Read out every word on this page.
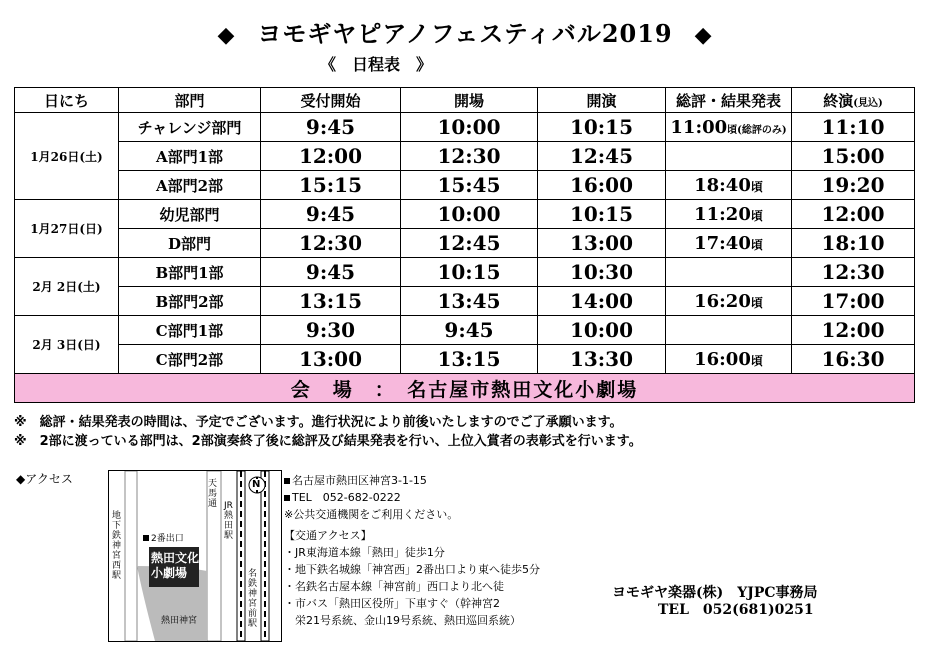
◆ ヨモギヤピアノフェスティバル2019 ◆
《　日程表　》
日にち	部門	受付開始	開場	開演	総評・結果発表	終演(見込)
1月26日(土)	チャレンジ部門	9:45	10:00	10:15	11:00頃(総評のみ)	11:10
	A部門1部	12:00	12:30	12:45		15:00
	A部門2部	15:15	15:45	16:00	18:40頃	19:20
1月27日(日)	幼児部門	9:45	10:00	10:15	11:20頃	12:00
	D部門	12:30	12:45	13:00	17:40頃	18:10
2月 2日(土)	B部門1部	9:45	10:15	10:30		12:30
	B部門2部	13:15	13:45	14:00	16:20頃	17:00
2月 3日(日)	C部門1部	9:30	9:45	10:00		12:00
	C部門2部	13:00	13:15	13:30	16:00頃	16:30
会　場　：　名古屋市熱田文化小劇場						
※　総評・結果発表の時間は、予定でございます。進行状況により前後いたしますのでご了承願います。
※　2部に渡っている部門は、2部演奏終了後に総評及び結果発表を行い、上位入賞者の表彰式を行います。
◆アクセス
地下鉄神宮西駅
天馬通
2番出口
熱田文化
小劇場
JR熱田駅
名鉄神宮前駅
熱田神宮
N	名古屋市熱田区神宮3-1-15
TEL　052-682-0222
※公共交通機関をご利用ください。
【交通アクセス】
・JR東海道本線「熱田」徒歩1分
・地下鉄名城線「神宮西」2番出口より東へ徒歩5分
・名鉄名古屋本線「神宮前」西口より北へ徒
・市バス「熱田区役所」下車すぐ（幹神宮2
　栄21号系統、金山19号系統、熱田巡回系統）
ヨモギヤ楽器(株)　YJPC事務局
TEL　052(681)0251
